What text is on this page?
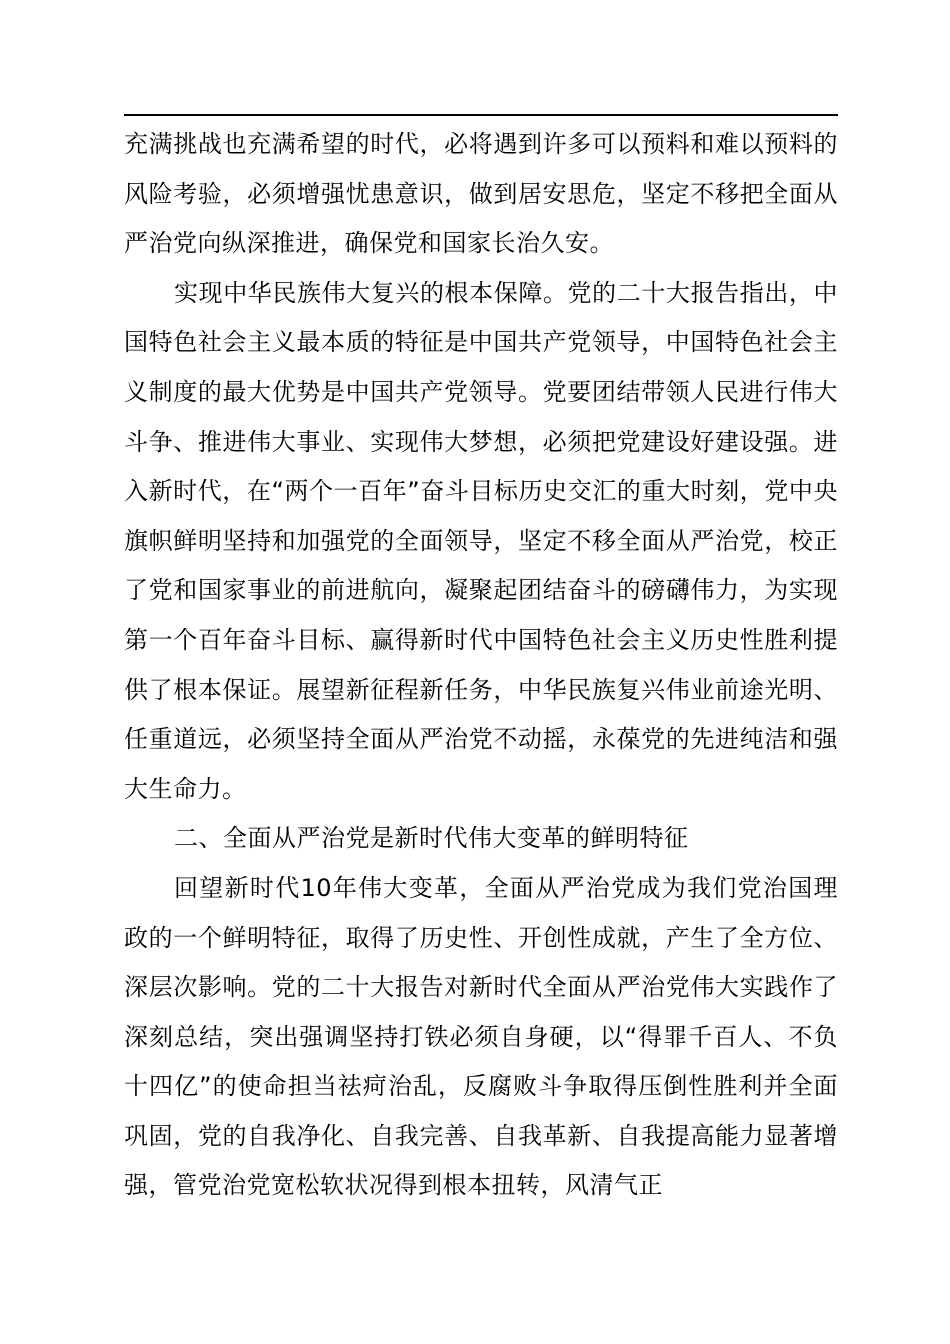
充满挑战也充满希望的时代，必将遇到许多可以预料和难以预料的风险考验，必须增强忧患意识，做到居安思危，坚定不移把全面从严治党向纵深推进，确保党和国家长治久安。

实现中华民族伟大复兴的根本保障。党的二十大报告指出，中国特色社会主义最本质的特征是中国共产党领导，中国特色社会主义制度的最大优势是中国共产党领导。党要团结带领人民进行伟大斗争、推进伟大事业、实现伟大梦想，必须把党建设好建设强。进入新时代，在“两个一百年”奋斗目标历史交汇的重大时刻，党中央旗帜鲜明坚持和加强党的全面领导，坚定不移全面从严治党，校正了党和国家事业的前进航向，凝聚起团结奋斗的磅礴伟力，为实现第一个百年奋斗目标、赢得新时代中国特色社会主义历史性胜利提供了根本保证。展望新征程新任务，中华民族复兴伟业前途光明、任重道远，必须坚持全面从严治党不动摇，永葆党的先进纯洁和强大生命力。

二、全面从严治党是新时代伟大变革的鲜明特征

回望新时代10年伟大变革，全面从严治党成为我们党治国理政的一个鲜明特征，取得了历史性、开创性成就，产生了全方位、深层次影响。党的二十大报告对新时代全面从严治党伟大实践作了深刻总结，突出强调坚持打铁必须自身硬，以“得罪千百人、不负十四亿”的使命担当祛疴治乱，反腐败斗争取得压倒性胜利并全面巩固，党的自我净化、自我完善、自我革新、自我提高能力显著增强，管党治党宽松软状况得到根本扭转，风清气正
